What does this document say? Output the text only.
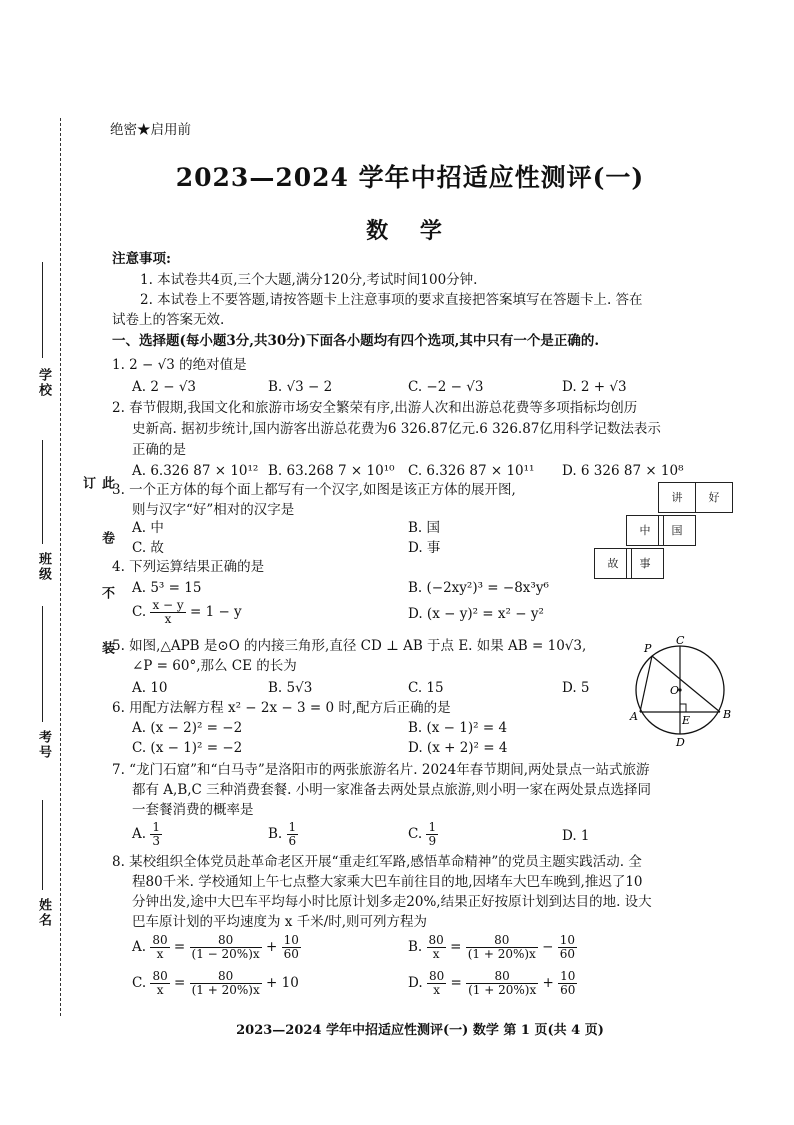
学校
班级
考号
姓名
此卷不装订
绝密★启用前
2023—2024 学年中招适应性测评(一)
数 学
注意事项:
1. 本试卷共4页,三个大题,满分120分,考试时间100分钟.
2. 本试卷上不要答题,请按答题卡上注意事项的要求直接把答案填写在答题卡上. 答在
试卷上的答案无效.
一、选择题(每小题3分,共30分)下面各小题均有四个选项,其中只有一个是正确的.
1. 2 − √3 的绝对值是
A. 2 − √3	B. √3 − 2	C. −2 − √3	D. 2 + √3
2. 春节假期,我国文化和旅游市场安全繁荣有序,出游人次和出游总花费等多项指标均创历
史新高. 据初步统计,国内游客出游总花费为6 326.87亿元.6 326.87亿用科学记数法表示
正确的是
A. 6.326 87 × 10¹² B. 63.268 7 × 10¹⁰ C. 6.326 87 × 10¹¹ D. 6 326 87 × 10⁸
3. 一个正方体的每个面上都写有一个汉字,如图是该正方体的展开图,
则与汉字“好”相对的汉字是
A. 中	B. 国
C. 故	D. 事
讲	好
中	国
故	事
4. 下列运算结果正确的是
A. 5³ = 15	B. (−2xy²)³ = −8x³y⁶
C. $\frac{x - y}{x} = 1 - y$	D. (x − y)² = x² − y²
5. 如图,△APB 是⊙O 的内接三角形,直径 CD ⊥ AB 于点 E. 如果 AB = 10√3,
∠P = 60°,那么 CE 的长为
A. 10	B. 5√3	C. 15	D. 5
P
C
O
A	E	B
D
6. 用配方法解方程 x² − 2x − 3 = 0 时,配方后正确的是
A. (x − 2)² = −2	B. (x − 1)² = 4
C. (x − 1)² = −2	D. (x + 2)² = 4
7. “龙门石窟”和“白马寺”是洛阳市的两张旅游名片. 2024年春节期间,两处景点一站式旅游
都有 A,B,C 三种消费套餐. 小明一家准备去两处景点旅游,则小明一家在两处景点选择同
一套餐消费的概率是
A. $\frac{1}{3}$	B. $\frac{1}{6}$	C. $\frac{1}{9}$	D. 1
8. 某校组织全体党员赴革命老区开展“重走红军路,感悟革命精神”的党员主题实践活动. 全
程80千米. 学校通知上午七点整大家乘大巴车前往目的地,因堵车大巴车晚到,推迟了10
分钟出发,途中大巴车平均每小时比原计划多走20%,结果正好按原计划到达目的地. 设大
巴车原计划的平均速度为 x 千米/时,则可列方程为
A. $\frac{80}{x} = \frac{80}{(1 - 20\%)x} + \frac{10}{60}$	B. $\frac{80}{x} = \frac{80}{(1 + 20\%)x} - \frac{10}{60}$
C. $\frac{80}{x} = \frac{80}{(1 + 20\%)x} + 10$	D. $\frac{80}{x} = \frac{80}{(1 + 20\%)x} + \frac{10}{60}$
2023—2024 学年中招适应性测评(一) 数学 第 1 页(共 4 页)
